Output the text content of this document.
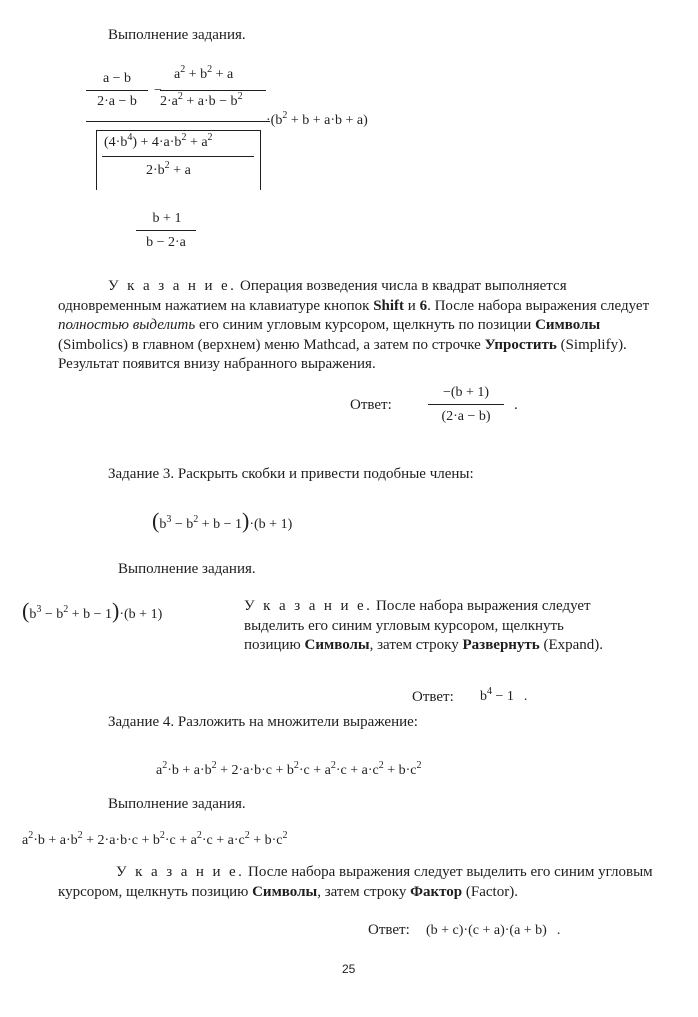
Выполнение задания.
a − b
2·a − b
−
$a^2 + b^2 + a$
$2\cdot a^2 + a\cdot b - b^2$
$(4\cdot b^4) + 4\cdot a\cdot b^2 + a^2$
$2\cdot b^2 + a$
$\cdot(b^2 + b + a\cdot b + a)$
b + 1
b − 2·a
У к а з а н и е. Операция возведения числа в квадрат выполняется одновременным нажатием на клавиатуре кнопок Shift и 6. После набора выражения следует полностью выделить его синим угловым курсором, щелкнуть по позиции Символы (Simbolics) в главном (верхнем) меню Mathcad, а затем по строчке Упростить (Simplify). Результат появится внизу набранного выражения.
Ответ:
−(b + 1)
(2·a − b)
.
Задание 3. Раскрыть скобки и привести подобные члены:
$(b^3 - b^2 + b - 1)\cdot(b + 1)$
Выполнение задания.
$(b^3 - b^2 + b - 1)\cdot(b + 1)$
У к а з а н и е. После набора выражения следует выделить его синим угловым курсором, щелкнуть позицию Символы, затем строку Развернуть (Expand).
Ответ: $b^4 - 1$ .
Задание 4. Разложить на множители выражение:
$a^2\cdot b + a\cdot b^2 + 2\cdot a\cdot b\cdot c + b^2\cdot c + a^2\cdot c + a\cdot c^2 + b\cdot c^2$
Выполнение задания.
$a^2\cdot b + a\cdot b^2 + 2\cdot a\cdot b\cdot c + b^2\cdot c + a^2\cdot c + a\cdot c^2 + b\cdot c^2$
У к а з а н и е. После набора выражения следует выделить его синим угловым курсором, щелкнуть позицию Символы, затем строку Фактор (Factor).
Ответ: (b + c)·(c + a)·(a + b) .
25
